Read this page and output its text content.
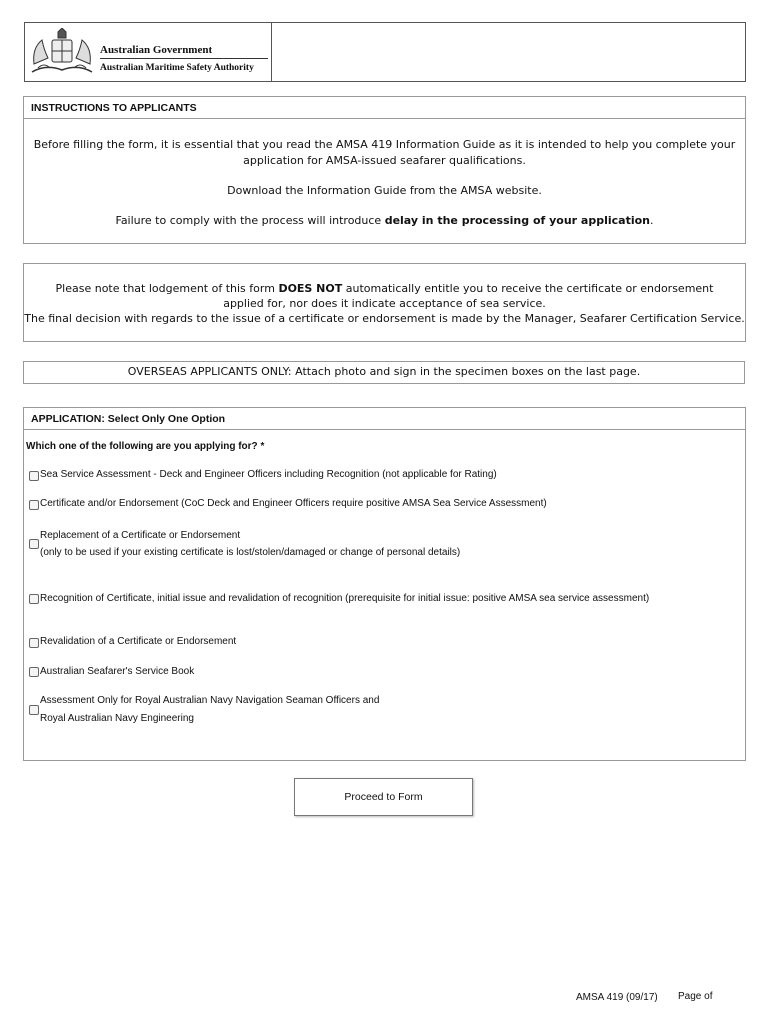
Australian Government
Australian Maritime Safety Authority
INSTRUCTIONS TO APPLICANTS
Before filling the form, it is essential that you read the AMSA 419 Information Guide as it is intended to help you complete your application for AMSA-issued seafarer qualifications.
Download the Information Guide from the AMSA website.
Failure to comply with the process will introduce delay in the processing of your application.
Please note that lodgement of this form DOES NOT automatically entitle you to receive the certificate or endorsement applied for, nor does it indicate acceptance of sea service.
The final decision with regards to the issue of a certificate or endorsement is made by the Manager, Seafarer Certification Service.
OVERSEAS APPLICANTS ONLY: Attach photo and sign in the specimen boxes on the last page.
APPLICATION: Select Only One Option
Which one of the following are you applying for? *
Sea Service Assessment - Deck and Engineer Officers including Recognition (not applicable for Rating)
Certificate and/or Endorsement (CoC Deck and Engineer Officers require positive AMSA Sea Service Assessment)
Replacement of a Certificate or Endorsement
(only to be used if your existing certificate is lost/stolen/damaged or change of personal details)
Recognition of Certificate, initial issue and revalidation of recognition (prerequisite for initial issue: positive AMSA sea service assessment)
Revalidation of a Certificate or Endorsement
Australian Seafarer's Service Book
Assessment Only for Royal Australian Navy Navigation Seaman Officers and
Royal Australian Navy Engineering
Proceed to Form
AMSA 419 (09/17) Page of
